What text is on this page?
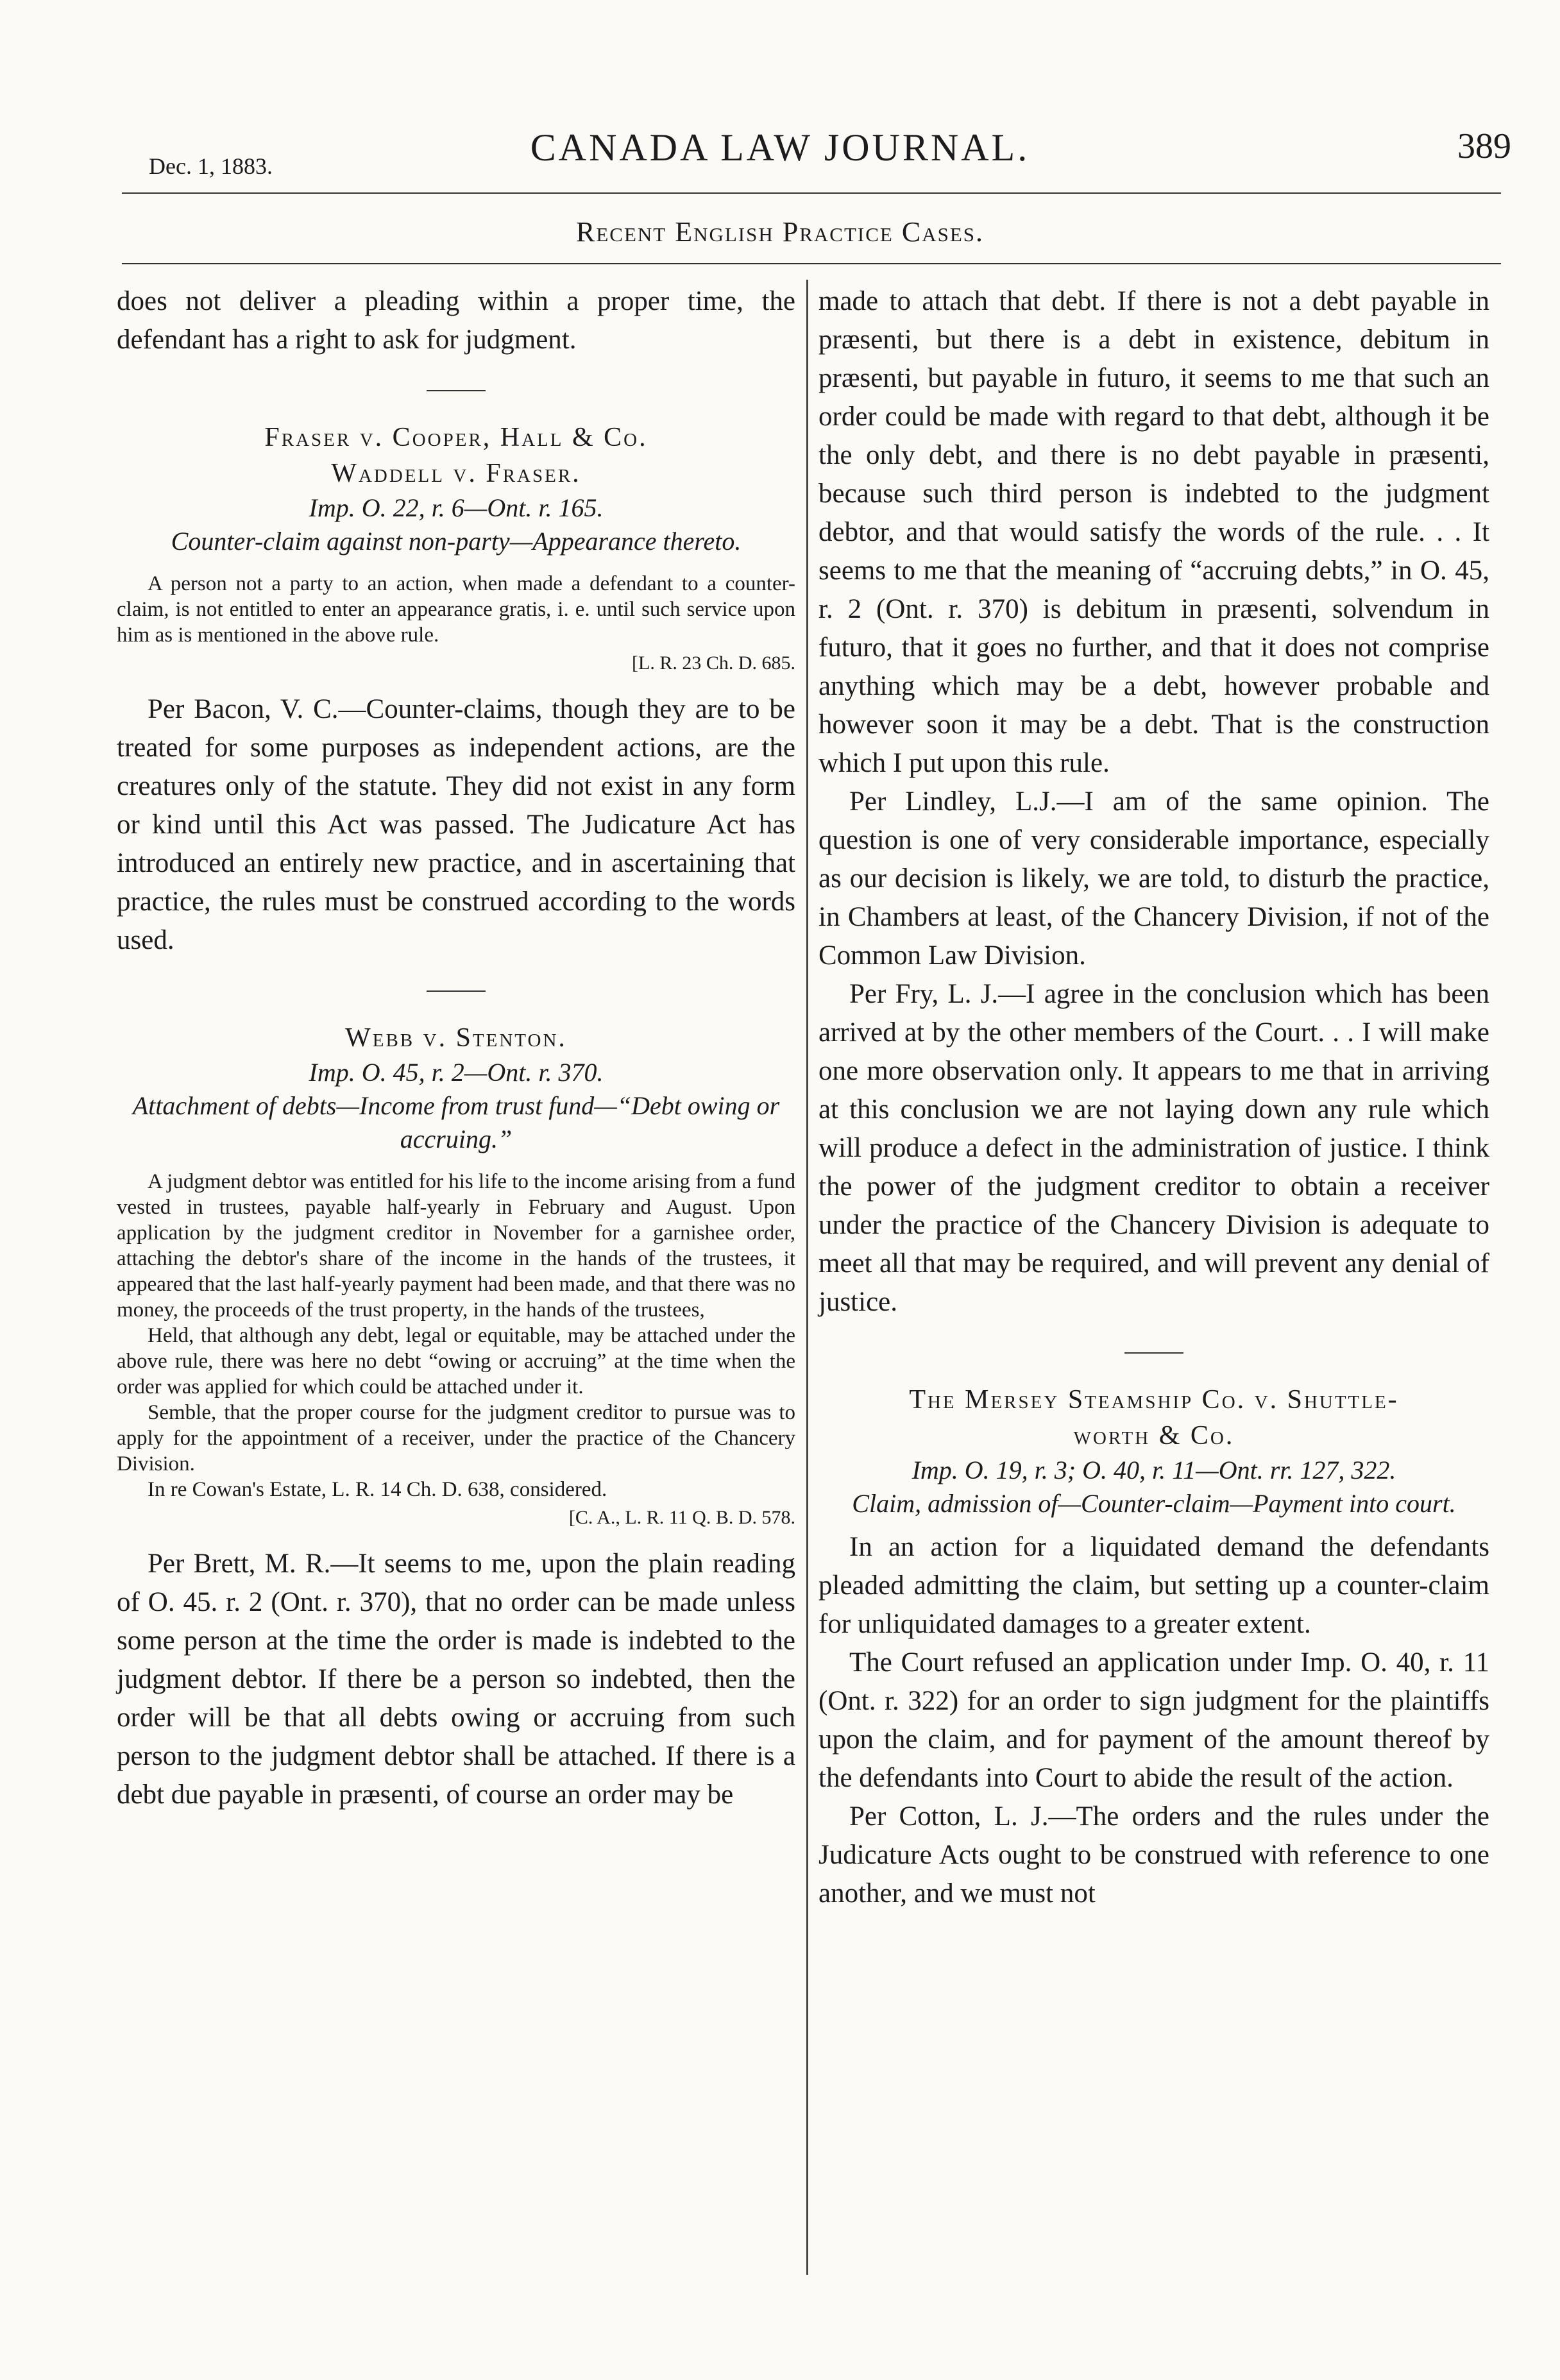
Dec. 1, 1883.	CANADA LAW JOURNAL.	389
Recent English Practice Cases.

does not deliver a pleading within a proper time, the defendant has a right to ask for judgment.

Fraser v. Cooper, Hall & Co.

Waddell v. Fraser.

Imp. O. 22, r. 6—Ont. r. 165.

Counter-claim against non-party—Appearance thereto.

A person not a party to an action, when made a defendant to a counter-claim, is not entitled to enter an appearance gratis, i. e. until such service upon him as is mentioned in the above rule.

[L. R. 23 Ch. D. 685.

Per Bacon, V. C.—Counter-claims, though they are to be treated for some purposes as independent actions, are the creatures only of the statute. They did not exist in any form or kind until this Act was passed. The Judicature Act has introduced an entirely new practice, and in ascertaining that practice, the rules must be construed according to the words used.

Webb v. Stenton.

Imp. O. 45, r. 2—Ont. r. 370.

Attachment of debts—Income from trust fund—“Debt owing or accruing.”

A judgment debtor was entitled for his life to the income arising from a fund vested in trustees, payable half-yearly in February and August. Upon application by the judgment creditor in November for a garnishee order, attaching the debtor's share of the income in the hands of the trustees, it appeared that the last half-yearly payment had been made, and that there was no money, the proceeds of the trust property, in the hands of the trustees,

Held, that although any debt, legal or equitable, may be attached under the above rule, there was here no debt “owing or accruing” at the time when the order was applied for which could be attached under it.

Semble, that the proper course for the judgment creditor to pursue was to apply for the appointment of a receiver, under the practice of the Chancery Division.

In re Cowan's Estate, L. R. 14 Ch. D. 638, considered.

[C. A., L. R. 11 Q. B. D. 578.

Per Brett, M. R.—It seems to me, upon the plain reading of O. 45. r. 2 (Ont. r. 370), that no order can be made unless some person at the time the order is made is indebted to the judgment debtor. If there be a person so indebted, then the order will be that all debts owing or accruing from such person to the judgment debtor shall be attached. If there is a debt due payable in præsenti, of course an order may be

made to attach that debt. If there is not a debt payable in præsenti, but there is a debt in existence, debitum in præsenti, but payable in futuro, it seems to me that such an order could be made with regard to that debt, although it be the only debt, and there is no debt payable in præsenti, because such third person is indebted to the judgment debtor, and that would satisfy the words of the rule. . . It seems to me that the meaning of “accruing debts,” in O. 45, r. 2 (Ont. r. 370) is debitum in præsenti, solvendum in futuro, that it goes no further, and that it does not comprise anything which may be a debt, however probable and however soon it may be a debt. That is the construction which I put upon this rule.

Per Lindley, L.J.—I am of the same opinion. The question is one of very considerable importance, especially as our decision is likely, we are told, to disturb the practice, in Chambers at least, of the Chancery Division, if not of the Common Law Division.

Per Fry, L. J.—I agree in the conclusion which has been arrived at by the other members of the Court. . . I will make one more observation only. It appears to me that in arriving at this conclusion we are not laying down any rule which will produce a defect in the administration of justice. I think the power of the judgment creditor to obtain a receiver under the practice of the Chancery Division is adequate to meet all that may be required, and will prevent any denial of justice.

The Mersey Steamship Co. v. Shuttle-

worth & Co.

Imp. O. 19, r. 3; O. 40, r. 11—Ont. rr. 127, 322.

Claim, admission of—Counter-claim—Payment into court.

In an action for a liquidated demand the defendants pleaded admitting the claim, but setting up a counter-claim for unliquidated damages to a greater extent.

The Court refused an application under Imp. O. 40, r. 11 (Ont. r. 322) for an order to sign judgment for the plaintiffs upon the claim, and for payment of the amount thereof by the defendants into Court to abide the result of the action.

Per Cotton, L. J.—The orders and the rules under the Judicature Acts ought to be construed with reference to one another, and we must not
